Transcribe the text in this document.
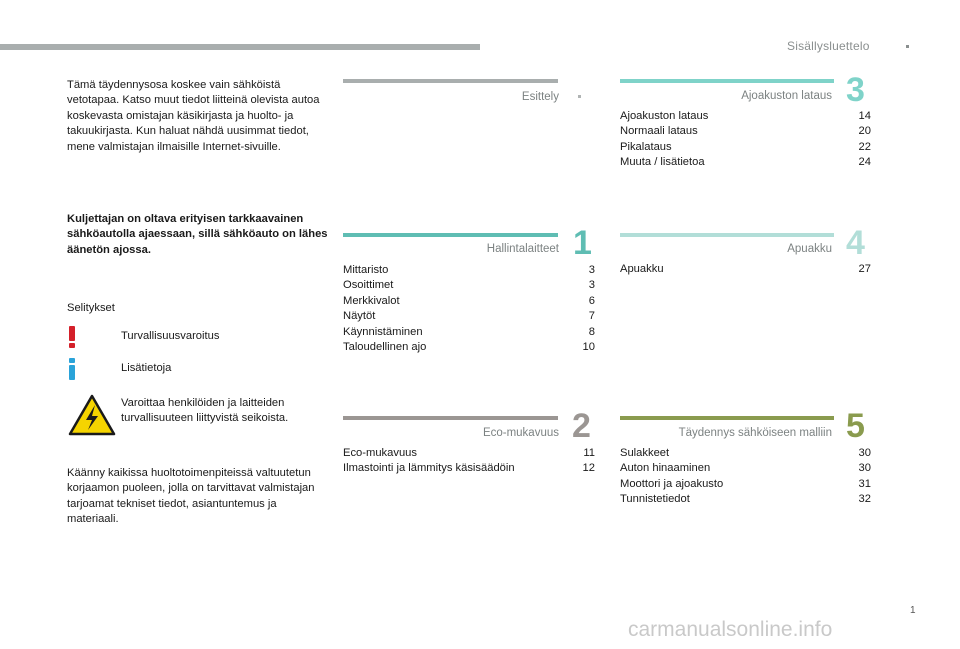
Sisällysluettelo
Tämä täydennysosa koskee vain sähköistä vetotapaa. Katso muut tiedot liitteinä olevista autoa koskevasta omistajan käsikirjasta ja huolto- ja takuukirjasta. Kun haluat nähdä uusimmat tiedot, mene valmistajan ilmaisille Internet-sivuille.
Kuljettajan on oltava erityisen tarkkaavainen sähköautolla ajaessaan, sillä sähköauto on lähes äänetön ajossa.
Selitykset
Turvallisuusvaroitus
Lisätietoja
Varoittaa henkilöiden ja laitteiden turvallisuuteen liittyvistä seikoista.
Käänny kaikissa huoltotoimenpiteissä valtuutetun korjaamon puoleen, jolla on tarvittavat valmistajan tarjoamat tekniset tiedot, asiantuntemus ja materiaali.
Esittely
1
Hallintalaitteet
Mittaristo	3
Osoittimet	3
Merkkivalot	6
Näytöt	7
Käynnistäminen	8
Taloudellinen ajo	10
2
Eco-mukavuus
Eco-mukavuus	11
Ilmastointi ja lämmitys käsisäädöin	12
3
Ajoakuston lataus
Ajoakuston lataus	14
Normaali lataus	20
Pikalataus	22
Muuta / lisätietoa	24
4
Apuakku
Apuakku	27
5
Täydennys sähköiseen malliin
Sulakkeet	30
Auton hinaaminen	30
Moottori ja ajoakusto	31
Tunnistetiedot	32
1
carmanualsonline.info
